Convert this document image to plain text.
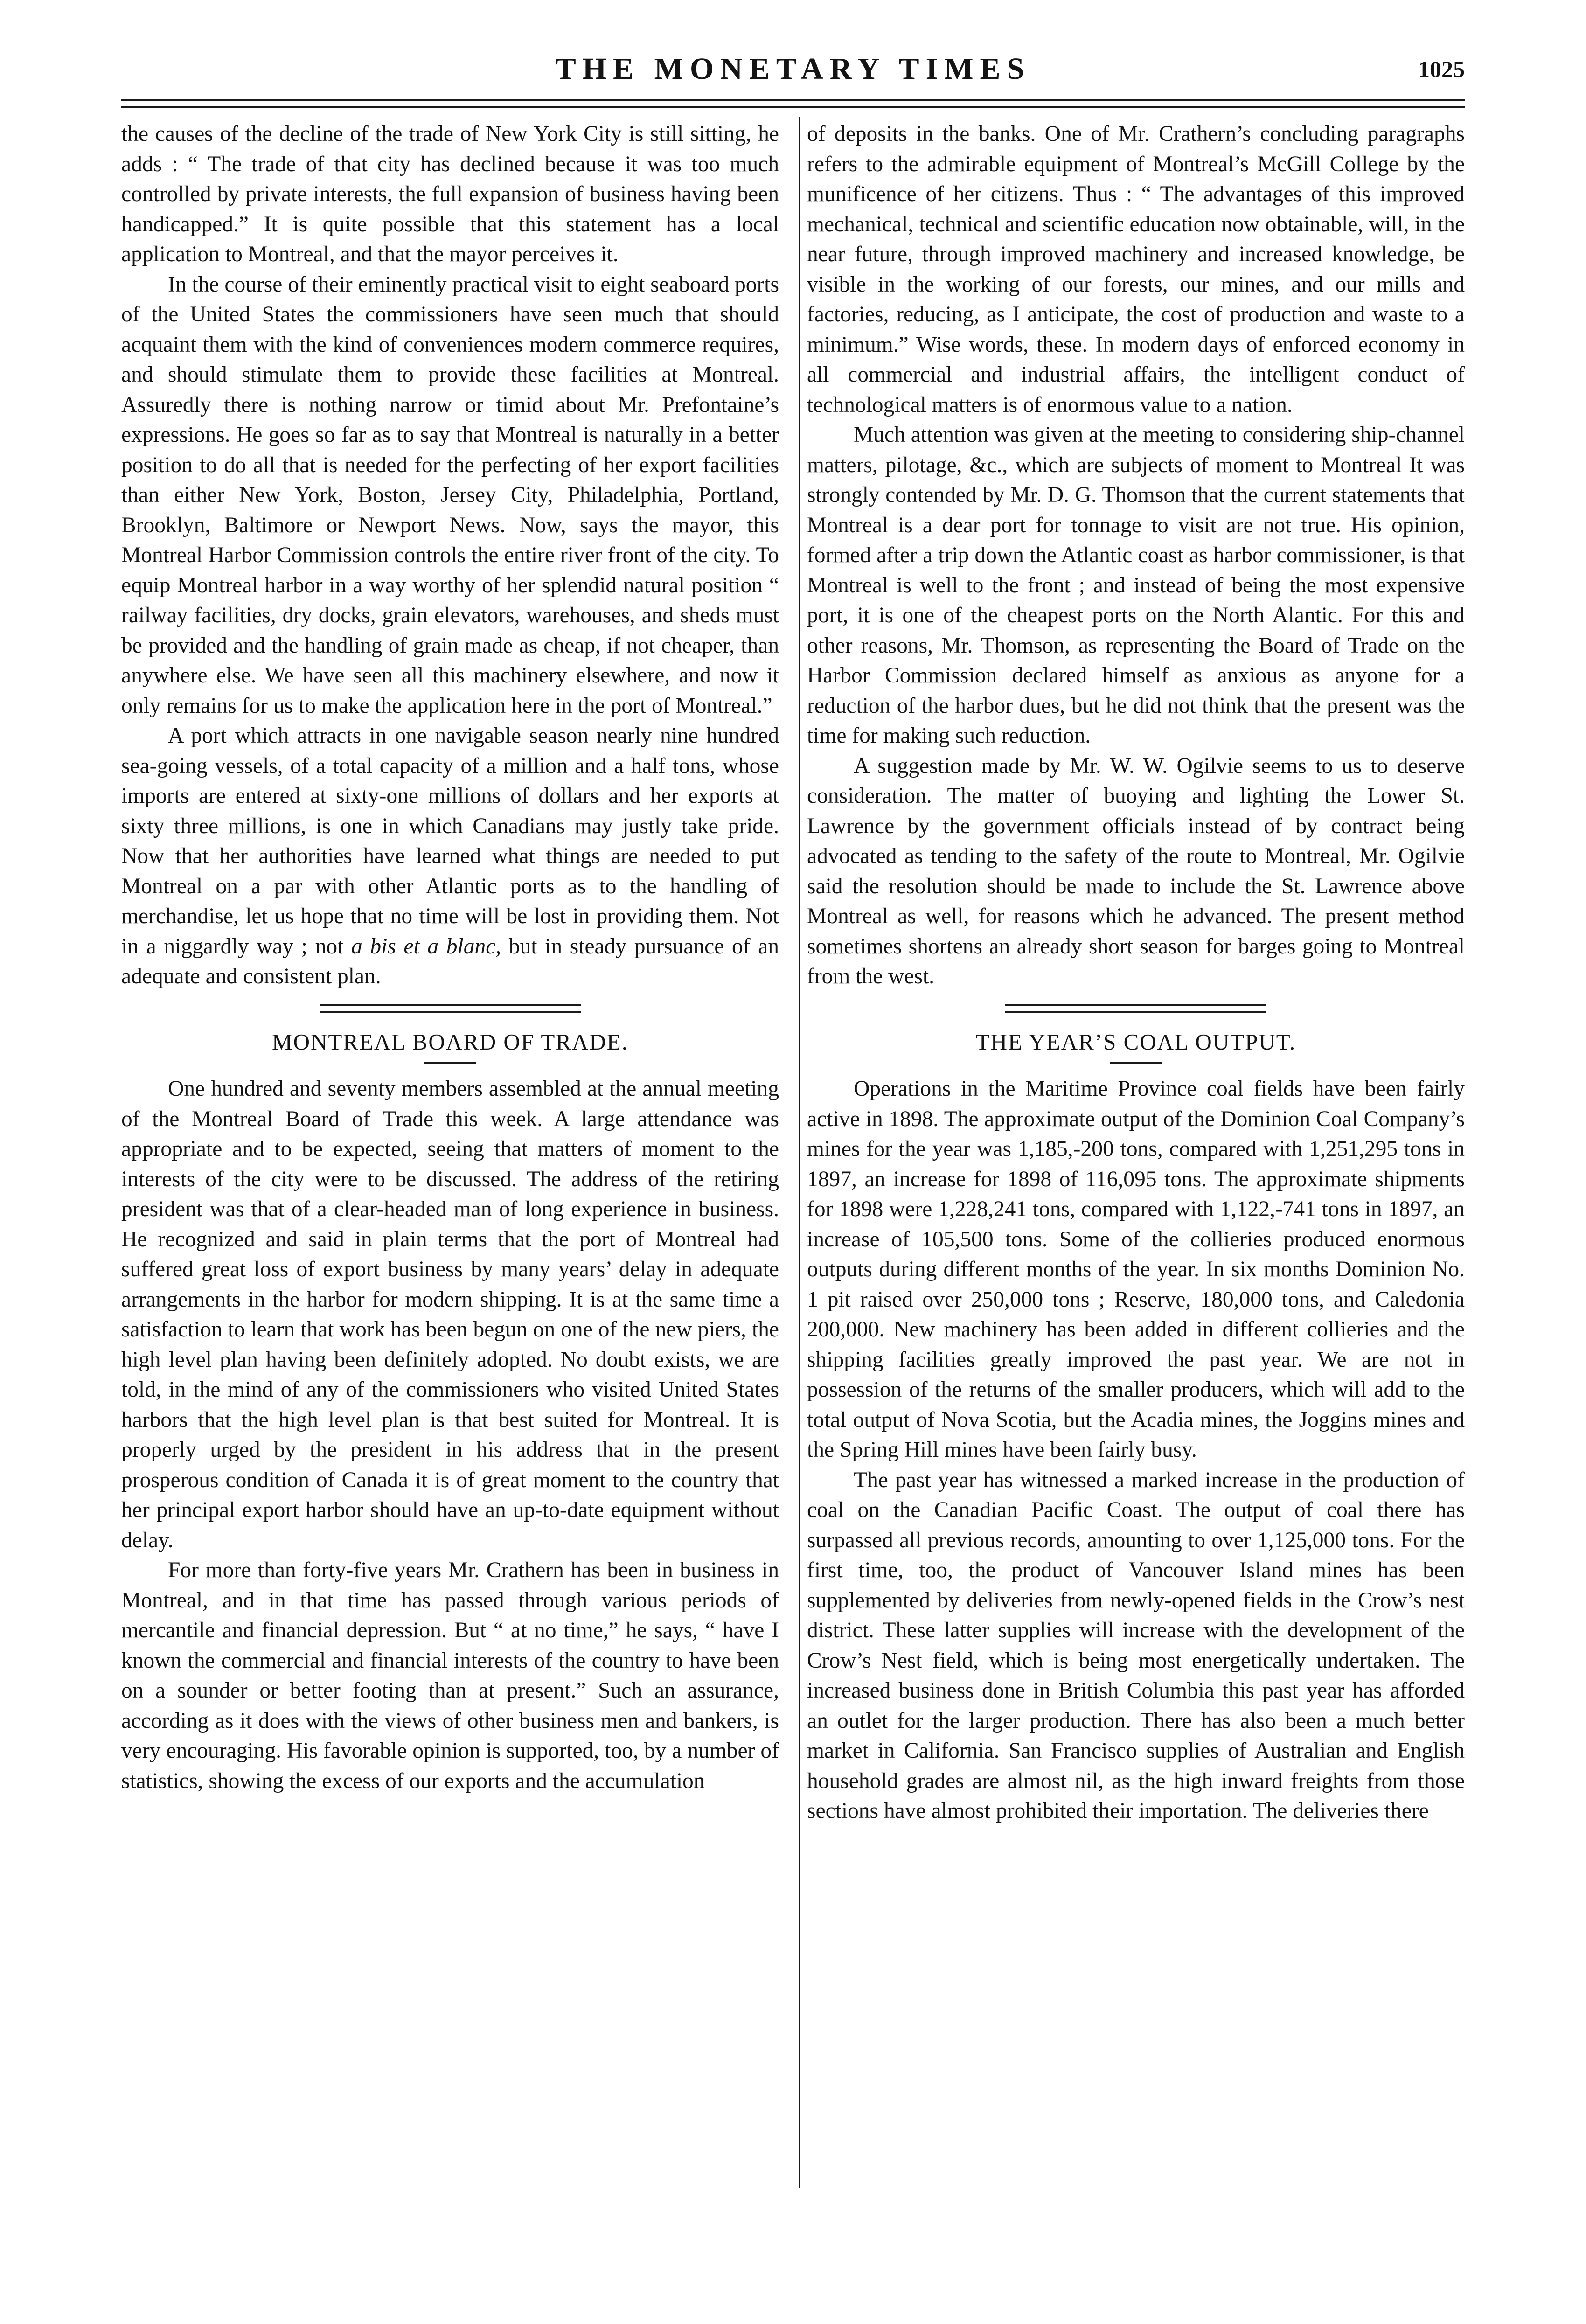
THE MONETARY TIMES	1025

the causes of the decline of the trade of New York City is still sitting, he adds : “ The trade of that city has declined because it was too much controlled by private interests, the full expansion of business having been handicapped.” It is quite possible that this statement has a local application to Montreal, and that the mayor perceives it.

In the course of their eminently practical visit to eight seaboard ports of the United States the commissioners have seen much that should acquaint them with the kind of conveniences modern commerce requires, and should stimulate them to provide these facilities at Montreal. Assuredly there is nothing narrow or timid about Mr. Prefontaine’s expressions. He goes so far as to say that Montreal is naturally in a better position to do all that is needed for the perfecting of her export facilities than either New York, Boston, Jersey City, Philadelphia, Portland, Brooklyn, Baltimore or Newport News. Now, says the mayor, this Montreal Harbor Commission controls the entire river front of the city. To equip Montreal harbor in a way worthy of her splendid natural position “ railway facilities, dry docks, grain elevators, warehouses, and sheds must be provided and the handling of grain made as cheap, if not cheaper, than anywhere else. We have seen all this machinery elsewhere, and now it only remains for us to make the application here in the port of Montreal.”

A port which attracts in one navigable season nearly nine hundred sea-going vessels, of a total capacity of a million and a half tons, whose imports are entered at sixty-one millions of dollars and her exports at sixty three millions, is one in which Canadians may justly take pride. Now that her authorities have learned what things are needed to put Montreal on a par with other Atlantic ports as to the handling of merchandise, let us hope that no time will be lost in providing them. Not in a niggardly way ; not a bis et a blanc, but in steady pursuance of an adequate and consistent plan.

MONTREAL BOARD OF TRADE.

One hundred and seventy members assembled at the annual meeting of the Montreal Board of Trade this week. A large attendance was appropriate and to be expected, seeing that matters of moment to the interests of the city were to be discussed. The address of the retiring president was that of a clear-headed man of long experience in business. He recognized and said in plain terms that the port of Montreal had suffered great loss of export business by many years’ delay in adequate arrangements in the harbor for modern shipping. It is at the same time a satisfaction to learn that work has been begun on one of the new piers, the high level plan having been definitely adopted. No doubt exists, we are told, in the mind of any of the commissioners who visited United States harbors that the high level plan is that best suited for Montreal. It is properly urged by the president in his address that in the present prosperous condition of Canada it is of great moment to the country that her principal export harbor should have an up-to-date equipment without delay.

For more than forty-five years Mr. Crathern has been in business in Montreal, and in that time has passed through various periods of mercantile and financial depression. But “ at no time,” he says, “ have I known the commercial and financial interests of the country to have been on a sounder or better footing than at present.” Such an assurance, according as it does with the views of other business men and bankers, is very encouraging. His favorable opinion is supported, too, by a number of statistics, showing the excess of our exports and the accumulation

of deposits in the banks. One of Mr. Crathern’s concluding paragraphs refers to the admirable equipment of Montreal’s McGill College by the munificence of her citizens. Thus : “ The advantages of this improved mechanical, technical and scientific education now obtainable, will, in the near future, through improved machinery and increased knowledge, be visible in the working of our forests, our mines, and our mills and factories, reducing, as I anticipate, the cost of production and waste to a minimum.” Wise words, these. In modern days of enforced economy in all commercial and industrial affairs, the intelligent conduct of technological matters is of enormous value to a nation.

Much attention was given at the meeting to considering ship-channel matters, pilotage, &c., which are subjects of moment to Montreal It was strongly contended by Mr. D. G. Thomson that the current statements that Montreal is a dear port for tonnage to visit are not true. His opinion, formed after a trip down the Atlantic coast as harbor commissioner, is that Montreal is well to the front ; and instead of being the most expensive port, it is one of the cheapest ports on the North Alantic. For this and other reasons, Mr. Thomson, as representing the Board of Trade on the Harbor Commission declared himself as anxious as anyone for a reduction of the harbor dues, but he did not think that the present was the time for making such reduction.

A suggestion made by Mr. W. W. Ogilvie seems to us to deserve consideration. The matter of buoying and lighting the Lower St. Lawrence by the government officials instead of by contract being advocated as tending to the safety of the route to Montreal, Mr. Ogilvie said the resolution should be made to include the St. Lawrence above Montreal as well, for reasons which he advanced. The present method sometimes shortens an already short season for barges going to Montreal from the west.

THE YEAR’S COAL OUTPUT.

Operations in the Maritime Province coal fields have been fairly active in 1898. The approximate output of the Dominion Coal Company’s mines for the year was 1,185,-200 tons, compared with 1,251,295 tons in 1897, an increase for 1898 of 116,095 tons. The approximate shipments for 1898 were 1,228,241 tons, compared with 1,122,-741 tons in 1897, an increase of 105,500 tons. Some of the collieries produced enormous outputs during different months of the year. In six months Dominion No. 1 pit raised over 250,000 tons ; Reserve, 180,000 tons, and Caledonia 200,000. New machinery has been added in different collieries and the shipping facilities greatly improved the past year. We are not in possession of the returns of the smaller producers, which will add to the total output of Nova Scotia, but the Acadia mines, the Joggins mines and the Spring Hill mines have been fairly busy.

The past year has witnessed a marked increase in the production of coal on the Canadian Pacific Coast. The output of coal there has surpassed all previous records, amounting to over 1,125,000 tons. For the first time, too, the product of Vancouver Island mines has been supplemented by deliveries from newly-opened fields in the Crow’s nest district. These latter supplies will increase with the development of the Crow’s Nest field, which is being most energetically undertaken. The increased business done in British Columbia this past year has afforded an outlet for the larger production. There has also been a much better market in California. San Francisco supplies of Australian and English household grades are almost nil, as the high inward freights from those sections have almost prohibited their importation. The deliveries there
